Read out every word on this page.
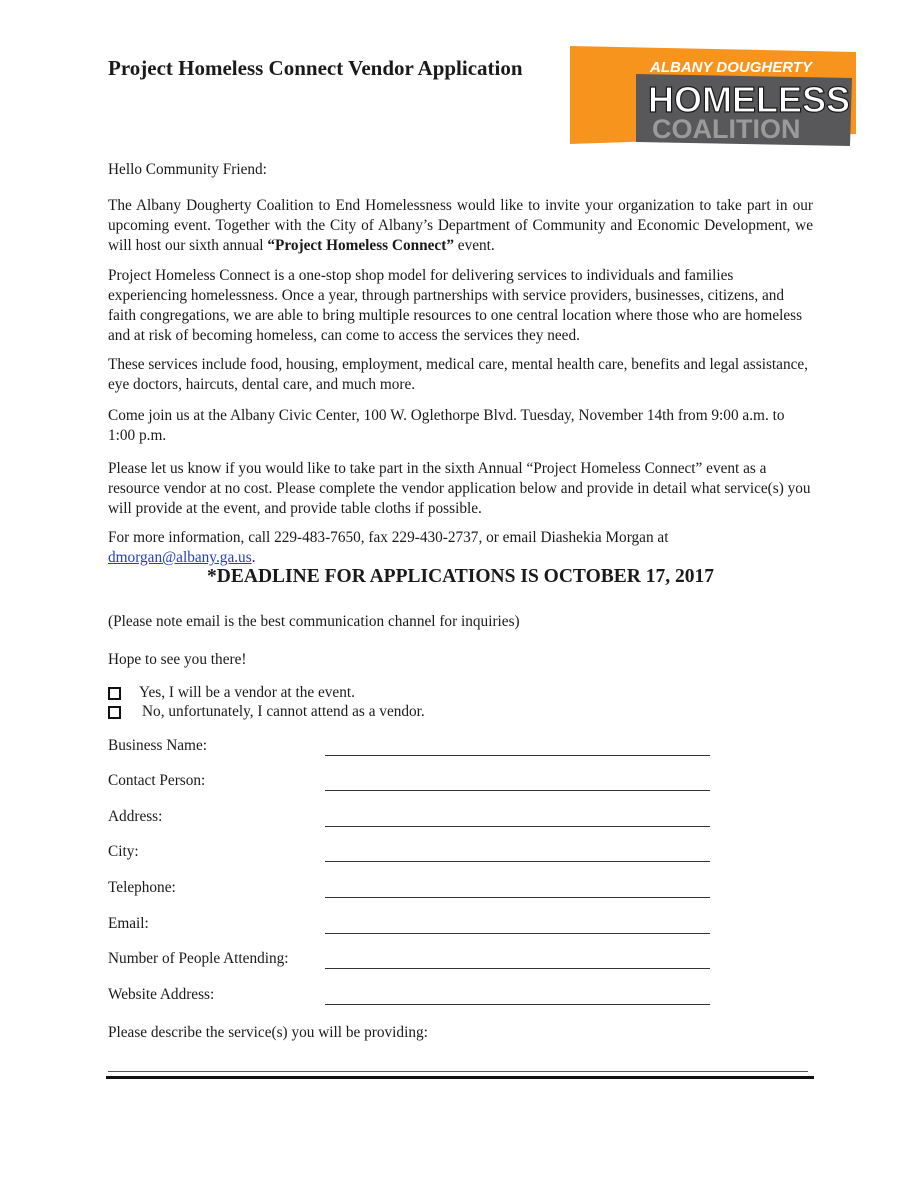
Project Homeless Connect Vendor Application	ALBANY DOUGHERTY
HOMELESS
COALITION

Hello Community Friend:

The Albany Dougherty Coalition to End Homelessness would like to invite your organization to take part in our upcoming event. Together with the City of Albany’s Department of Community and Economic Development, we will host our sixth annual “Project Homeless Connect” event.

Project Homeless Connect is a one-stop shop model for delivering services to individuals and families experiencing homelessness. Once a year, through partnerships with service providers, businesses, citizens, and faith congregations, we are able to bring multiple resources to one central location where those who are homeless and at risk of becoming homeless, can come to access the services they need.

These services include food, housing, employment, medical care, mental health care, benefits and legal assistance, eye doctors, haircuts, dental care, and much more.

Come join us at the Albany Civic Center, 100 W. Oglethorpe Blvd. Tuesday, November 14th from 9:00 a.m. to 1:00 p.m.

Please let us know if you would like to take part in the sixth Annual “Project Homeless Connect” event as a resource vendor at no cost. Please complete the vendor application below and provide in detail what service(s) you will provide at the event, and provide table cloths if possible.

For more information, call 229-483-7650, fax 229-430-2737, or email Diashekia Morgan at dmorgan@albany.ga.us.

*DEADLINE FOR APPLICATIONS IS OCTOBER 17, 2017

(Please note email is the best communication channel for inquiries)

Hope to see you there!

Yes, I will be a vendor at the event.
No, unfortunately, I cannot attend as a vendor.
Business Name:
Contact Person:
Address:
City:
Telephone:
Email:
Number of People Attending:
Website Address:
Please describe the service(s) you will be providing:
